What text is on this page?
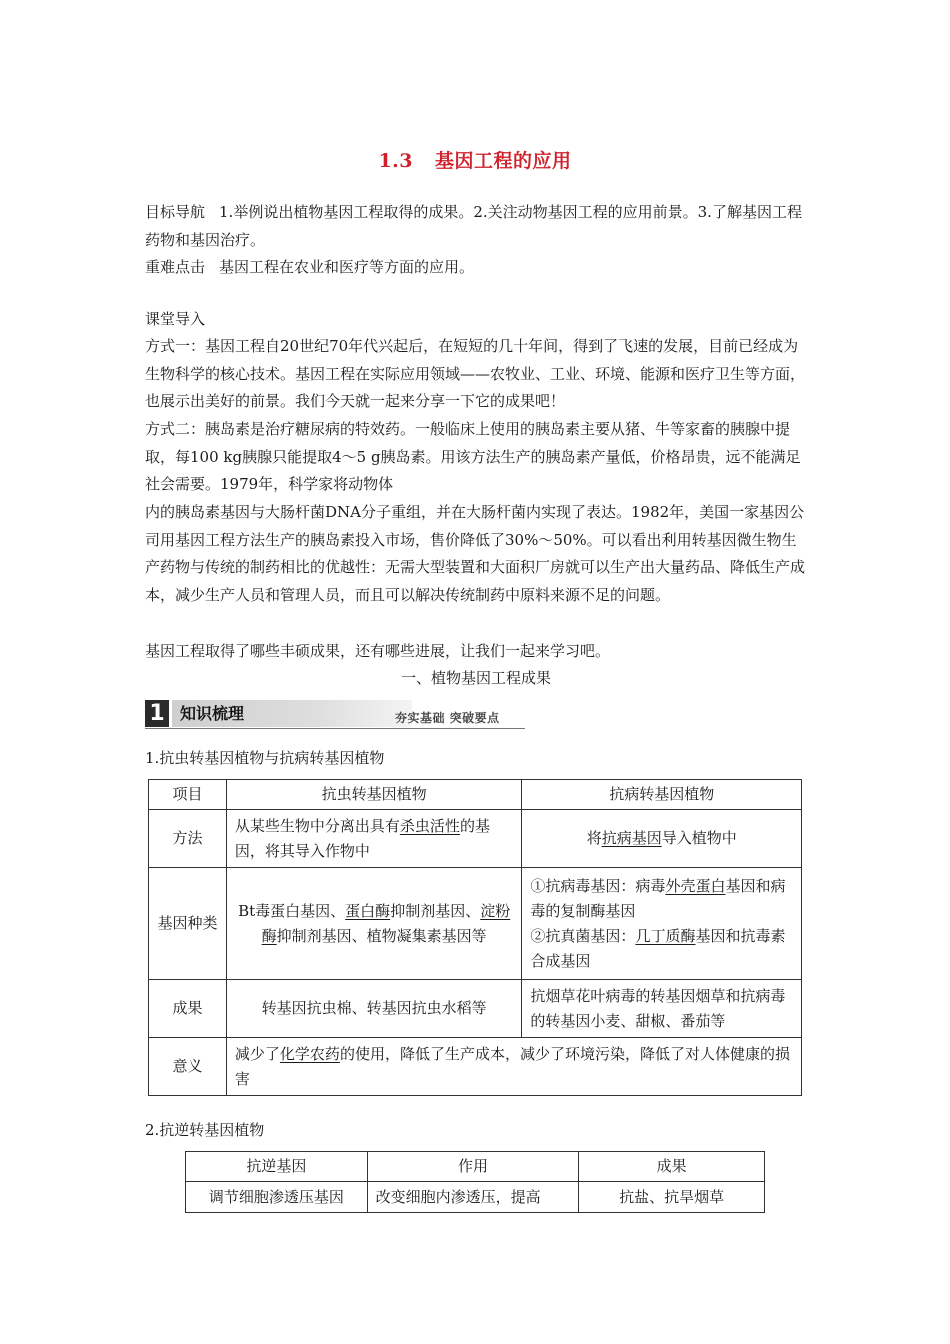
1.3 基因工程的应用

目标导航 1.举例说出植物基因工程取得的成果。2.关注动物基因工程的应用前景。3.了解基因工程药物和基因治疗。

重难点击 基因工程在农业和医疗等方面的应用。

课堂导入

方式一：基因工程自20世纪70年代兴起后，在短短的几十年间，得到了飞速的发展，目前已经成为生物科学的核心技术。基因工程在实际应用领域——农牧业、工业、环境、能源和医疗卫生等方面，也展示出美好的前景。我们今天就一起来分享一下它的成果吧！

方式二：胰岛素是治疗糖尿病的特效药。一般临床上使用的胰岛素主要从猪、牛等家畜的胰腺中提取，每100 kg胰腺只能提取4～5 g胰岛素。用该方法生产的胰岛素产量低，价格昂贵，远不能满足社会需要。1979年，科学家将动物体

内的胰岛素基因与大肠杆菌DNA分子重组，并在大肠杆菌内实现了表达。1982年，美国一家基因公司用基因工程方法生产的胰岛素投入市场，售价降低了30%～50%。可以看出利用转基因微生物生产药物与传统的制药相比的优越性：无需大型装置和大面积厂房就可以生产出大量药品、降低生产成本，减少生产人员和管理人员，而且可以解决传统制药中原料来源不足的问题。

基因工程取得了哪些丰硕成果，还有哪些进展，让我们一起来学习吧。

一、植物基因工程成果

1 知识梳理	夯实基础 突破要点

1.抗虫转基因植物与抗病转基因植物

项目	抗虫转基因植物	抗病转基因植物
方法	从某些生物中分离出具有杀虫活性的基因，将其导入作物中	将抗病基因导入植物中
基因种类	Bt毒蛋白基因、蛋白酶抑制剂基因、淀粉酶抑制剂基因、植物凝集素基因等	①抗病毒基因：病毒外壳蛋白基因和病毒的复制酶基因
②抗真菌基因：几丁质酶基因和抗毒素合成基因

成果	转基因抗虫棉、转基因抗虫水稻等	抗烟草花叶病毒的转基因烟草和抗病毒的转基因小麦、甜椒、番茄等
意义	减少了化学农药的使用，降低了生产成本，减少了环境污染，降低了对人体健康的损害	

2.抗逆转基因植物

抗逆基因	作用	成果
调节细胞渗透压基因	改变细胞内渗透压，提高	抗盐、抗旱烟草
